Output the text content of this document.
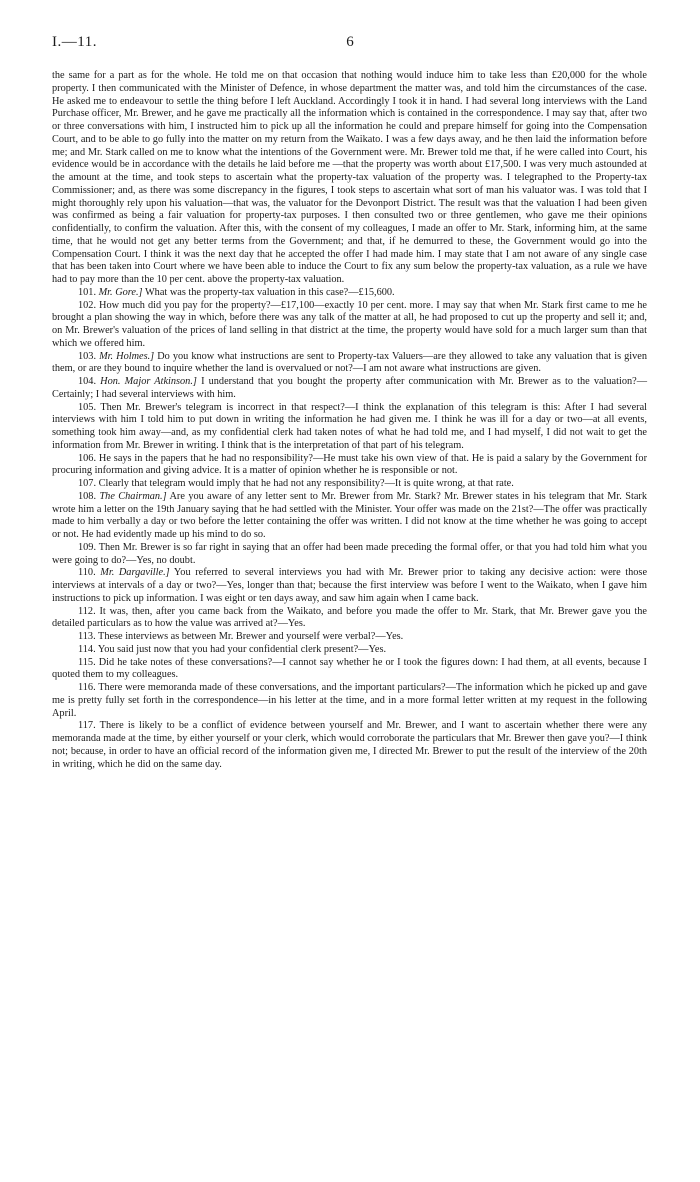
I.—11.	6

the same for a part as for the whole. He told me on that occasion that nothing would induce him to take less than £20,000 for the whole property. I then communicated with the Minister of Defence, in whose department the matter was, and told him the circumstances of the case. He asked me to endeavour to settle the thing before I left Auckland. Accordingly I took it in hand. I had several long interviews with the Land Purchase officer, Mr. Brewer, and he gave me practically all the information which is contained in the correspondence. I may say that, after two or three conversations with him, I instructed him to pick up all the information he could and prepare himself for going into the Compensation Court, and to be able to go fully into the matter on my return from the Waikato. I was a few days away, and he then laid the information before me; and Mr. Stark called on me to know what the intentions of the Government were. Mr. Brewer told me that, if he were called into Court, his evidence would be in accordance with the details he laid before me —that the property was worth about £17,500. I was very much astounded at the amount at the time, and took steps to ascertain what the property-tax valuation of the property was. I telegraphed to the Property-tax Commissioner; and, as there was some discrepancy in the figures, I took steps to ascertain what sort of man his valuator was. I was told that I might thoroughly rely upon his valuation—that was, the valuator for the Devonport District. The result was that the valuation I had been given was confirmed as being a fair valuation for property-tax purposes. I then consulted two or three gentlemen, who gave me their opinions confidentially, to confirm the valuation. After this, with the consent of my colleagues, I made an offer to Mr. Stark, informing him, at the same time, that he would not get any better terms from the Government; and that, if he demurred to these, the Government would go into the Compensation Court. I think it was the next day that he accepted the offer I had made him. I may state that I am not aware of any single case that has been taken into Court where we have been able to induce the Court to fix any sum below the property-tax valuation, as a rule we have had to pay more than the 10 per cent. above the property-tax valuation.

101. Mr. Gore.] What was the property-tax valuation in this case?—£15,600.

102. How much did you pay for the property?—£17,100—exactly 10 per cent. more. I may say that when Mr. Stark first came to me he brought a plan showing the way in which, before there was any talk of the matter at all, he had proposed to cut up the property and sell it; and, on Mr. Brewer's valuation of the prices of land selling in that district at the time, the property would have sold for a much larger sum than that which we offered him.

103. Mr. Holmes.] Do you know what instructions are sent to Property-tax Valuers—are they allowed to take any valuation that is given them, or are they bound to inquire whether the land is overvalued or not?—I am not aware what instructions are given.

104. Hon. Major Atkinson.] I understand that you bought the property after communication with Mr. Brewer as to the valuation?—Certainly; I had several interviews with him.

105. Then Mr. Brewer's telegram is incorrect in that respect?—I think the explanation of this telegram is this: After I had several interviews with him I told him to put down in writing the information he had given me. I think he was ill for a day or two—at all events, something took him away—and, as my confidential clerk had taken notes of what he had told me, and I had myself, I did not wait to get the information from Mr. Brewer in writing. I think that is the interpretation of that part of his telegram.

106. He says in the papers that he had no responsibility?—He must take his own view of that. He is paid a salary by the Government for procuring information and giving advice. It is a matter of opinion whether he is responsible or not.

107. Clearly that telegram would imply that he had not any responsibility?—It is quite wrong, at that rate.

108. The Chairman.] Are you aware of any letter sent to Mr. Brewer from Mr. Stark? Mr. Brewer states in his telegram that Mr. Stark wrote him a letter on the 19th January saying that he had settled with the Minister. Your offer was made on the 21st?—The offer was practically made to him verbally a day or two before the letter containing the offer was written. I did not know at the time whether he was going to accept or not. He had evidently made up his mind to do so.

109. Then Mr. Brewer is so far right in saying that an offer had been made preceding the formal offer, or that you had told him what you were going to do?—Yes, no doubt.

110. Mr. Dargaville.] You referred to several interviews you had with Mr. Brewer prior to taking any decisive action: were those interviews at intervals of a day or two?—Yes, longer than that; because the first interview was before I went to the Waikato, when I gave him instructions to pick up information. I was eight or ten days away, and saw him again when I came back.

112. It was, then, after you came back from the Waikato, and before you made the offer to Mr. Stark, that Mr. Brewer gave you the detailed particulars as to how the value was arrived at?—Yes.

113. These interviews as between Mr. Brewer and yourself were verbal?—Yes.

114. You said just now that you had your confidential clerk present?—Yes.

115. Did he take notes of these conversations?—I cannot say whether he or I took the figures down: I had them, at all events, because I quoted them to my colleagues.

116. There were memoranda made of these conversations, and the important particulars?—The information which he picked up and gave me is pretty fully set forth in the correspondence—in his letter at the time, and in a more formal letter written at my request in the following April.

117. There is likely to be a conflict of evidence between yourself and Mr. Brewer, and I want to ascertain whether there were any memoranda made at the time, by either yourself or your clerk, which would corroborate the particulars that Mr. Brewer then gave you?—I think not; because, in order to have an official record of the information given me, I directed Mr. Brewer to put the result of the interview of the 20th in writing, which he did on the same day.
